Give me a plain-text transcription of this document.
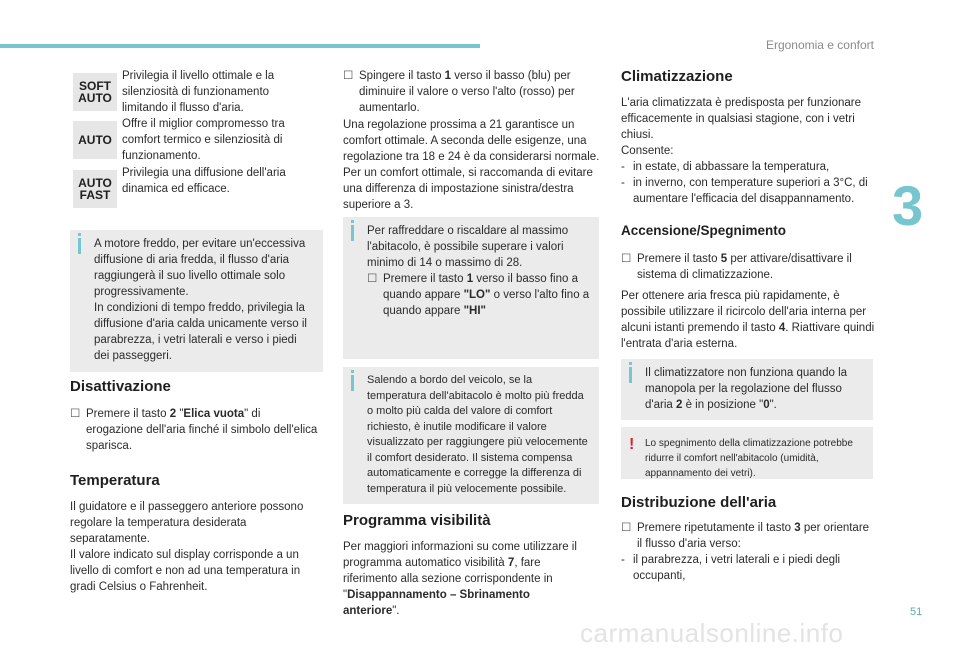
Ergonomia e confort
3
SOFT
AUTO
Privilegia il livello ottimale e la silenziosità di funzionamento limitando il flusso d'aria.
AUTO
Offre il miglior compromesso tra comfort termico e silenziosità di funzionamento.
AUTO
FAST
Privilegia una diffusione dell'aria dinamica ed efficace.
A motore freddo, per evitare un'eccessiva diffusione di aria fredda, il flusso d'aria raggiungerà il suo livello ottimale solo progressivamente.
In condizioni di tempo freddo, privilegia la diffusione d'aria calda unicamente verso il parabrezza, i vetri laterali e verso i piedi dei passeggeri.
Disattivazione
☐ Premere il tasto 2 "Elica vuota" di erogazione dell'aria finché il simbolo dell'elica sparisca.
Temperatura
Il guidatore e il passeggero anteriore possono regolare la temperatura desiderata separatamente.
Il valore indicato sul display corrisponde a un livello di comfort e non ad una temperatura in gradi Celsius o Fahrenheit.
☐ Spingere il tasto 1 verso il basso (blu) per diminuire il valore o verso l'alto (rosso) per aumentarlo.
Una regolazione prossima a 21 garantisce un comfort ottimale. A seconda delle esigenze, una regolazione tra 18 e 24 è da considerarsi normale. Per un comfort ottimale, si raccomanda di evitare una differenza di impostazione sinistra/destra superiore a 3.
Per raffreddare o riscaldare al massimo l'abitacolo, è possibile superare i valori minimo di 14 o massimo di 28.
☐ Premere il tasto 1 verso il basso fino a quando appare "LO" o verso l'alto fino a quando appare "HI"
Salendo a bordo del veicolo, se la temperatura dell'abitacolo è molto più fredda o molto più calda del valore di comfort richiesto, è inutile modificare il valore visualizzato per raggiungere più velocemente il comfort desiderato. Il sistema compensa automaticamente e corregge la differenza di temperatura il più velocemente possibile.
Programma visibilità
Per maggiori informazioni su come utilizzare il programma automatico visibilità 7, fare riferimento alla sezione corrispondente in "Disappannamento – Sbrinamento anteriore".
Climatizzazione
L'aria climatizzata è predisposta per funzionare efficacemente in qualsiasi stagione, con i vetri chiusi.
Consente:
- in estate, di abbassare la temperatura,
- in inverno, con temperature superiori a 3°C, di aumentare l'efficacia del disappannamento.
Accensione/Spegnimento
☐ Premere il tasto 5 per attivare/disattivare il sistema di climatizzazione.
Per ottenere aria fresca più rapidamente, è possibile utilizzare il ricircolo dell'aria interna per alcuni istanti premendo il tasto 4. Riattivare quindi l'entrata d'aria esterna.
Il climatizzatore non funziona quando la manopola per la regolazione del flusso d'aria 2 è in posizione "0".
! Lo spegnimento della climatizzazione potrebbe ridurre il comfort nell'abitacolo (umidità, appannamento dei vetri).
Distribuzione dell'aria
☐ Premere ripetutamente il tasto 3 per orientare il flusso d'aria verso:
- il parabrezza, i vetri laterali e i piedi degli occupanti,
51
carmanualsonline.info
